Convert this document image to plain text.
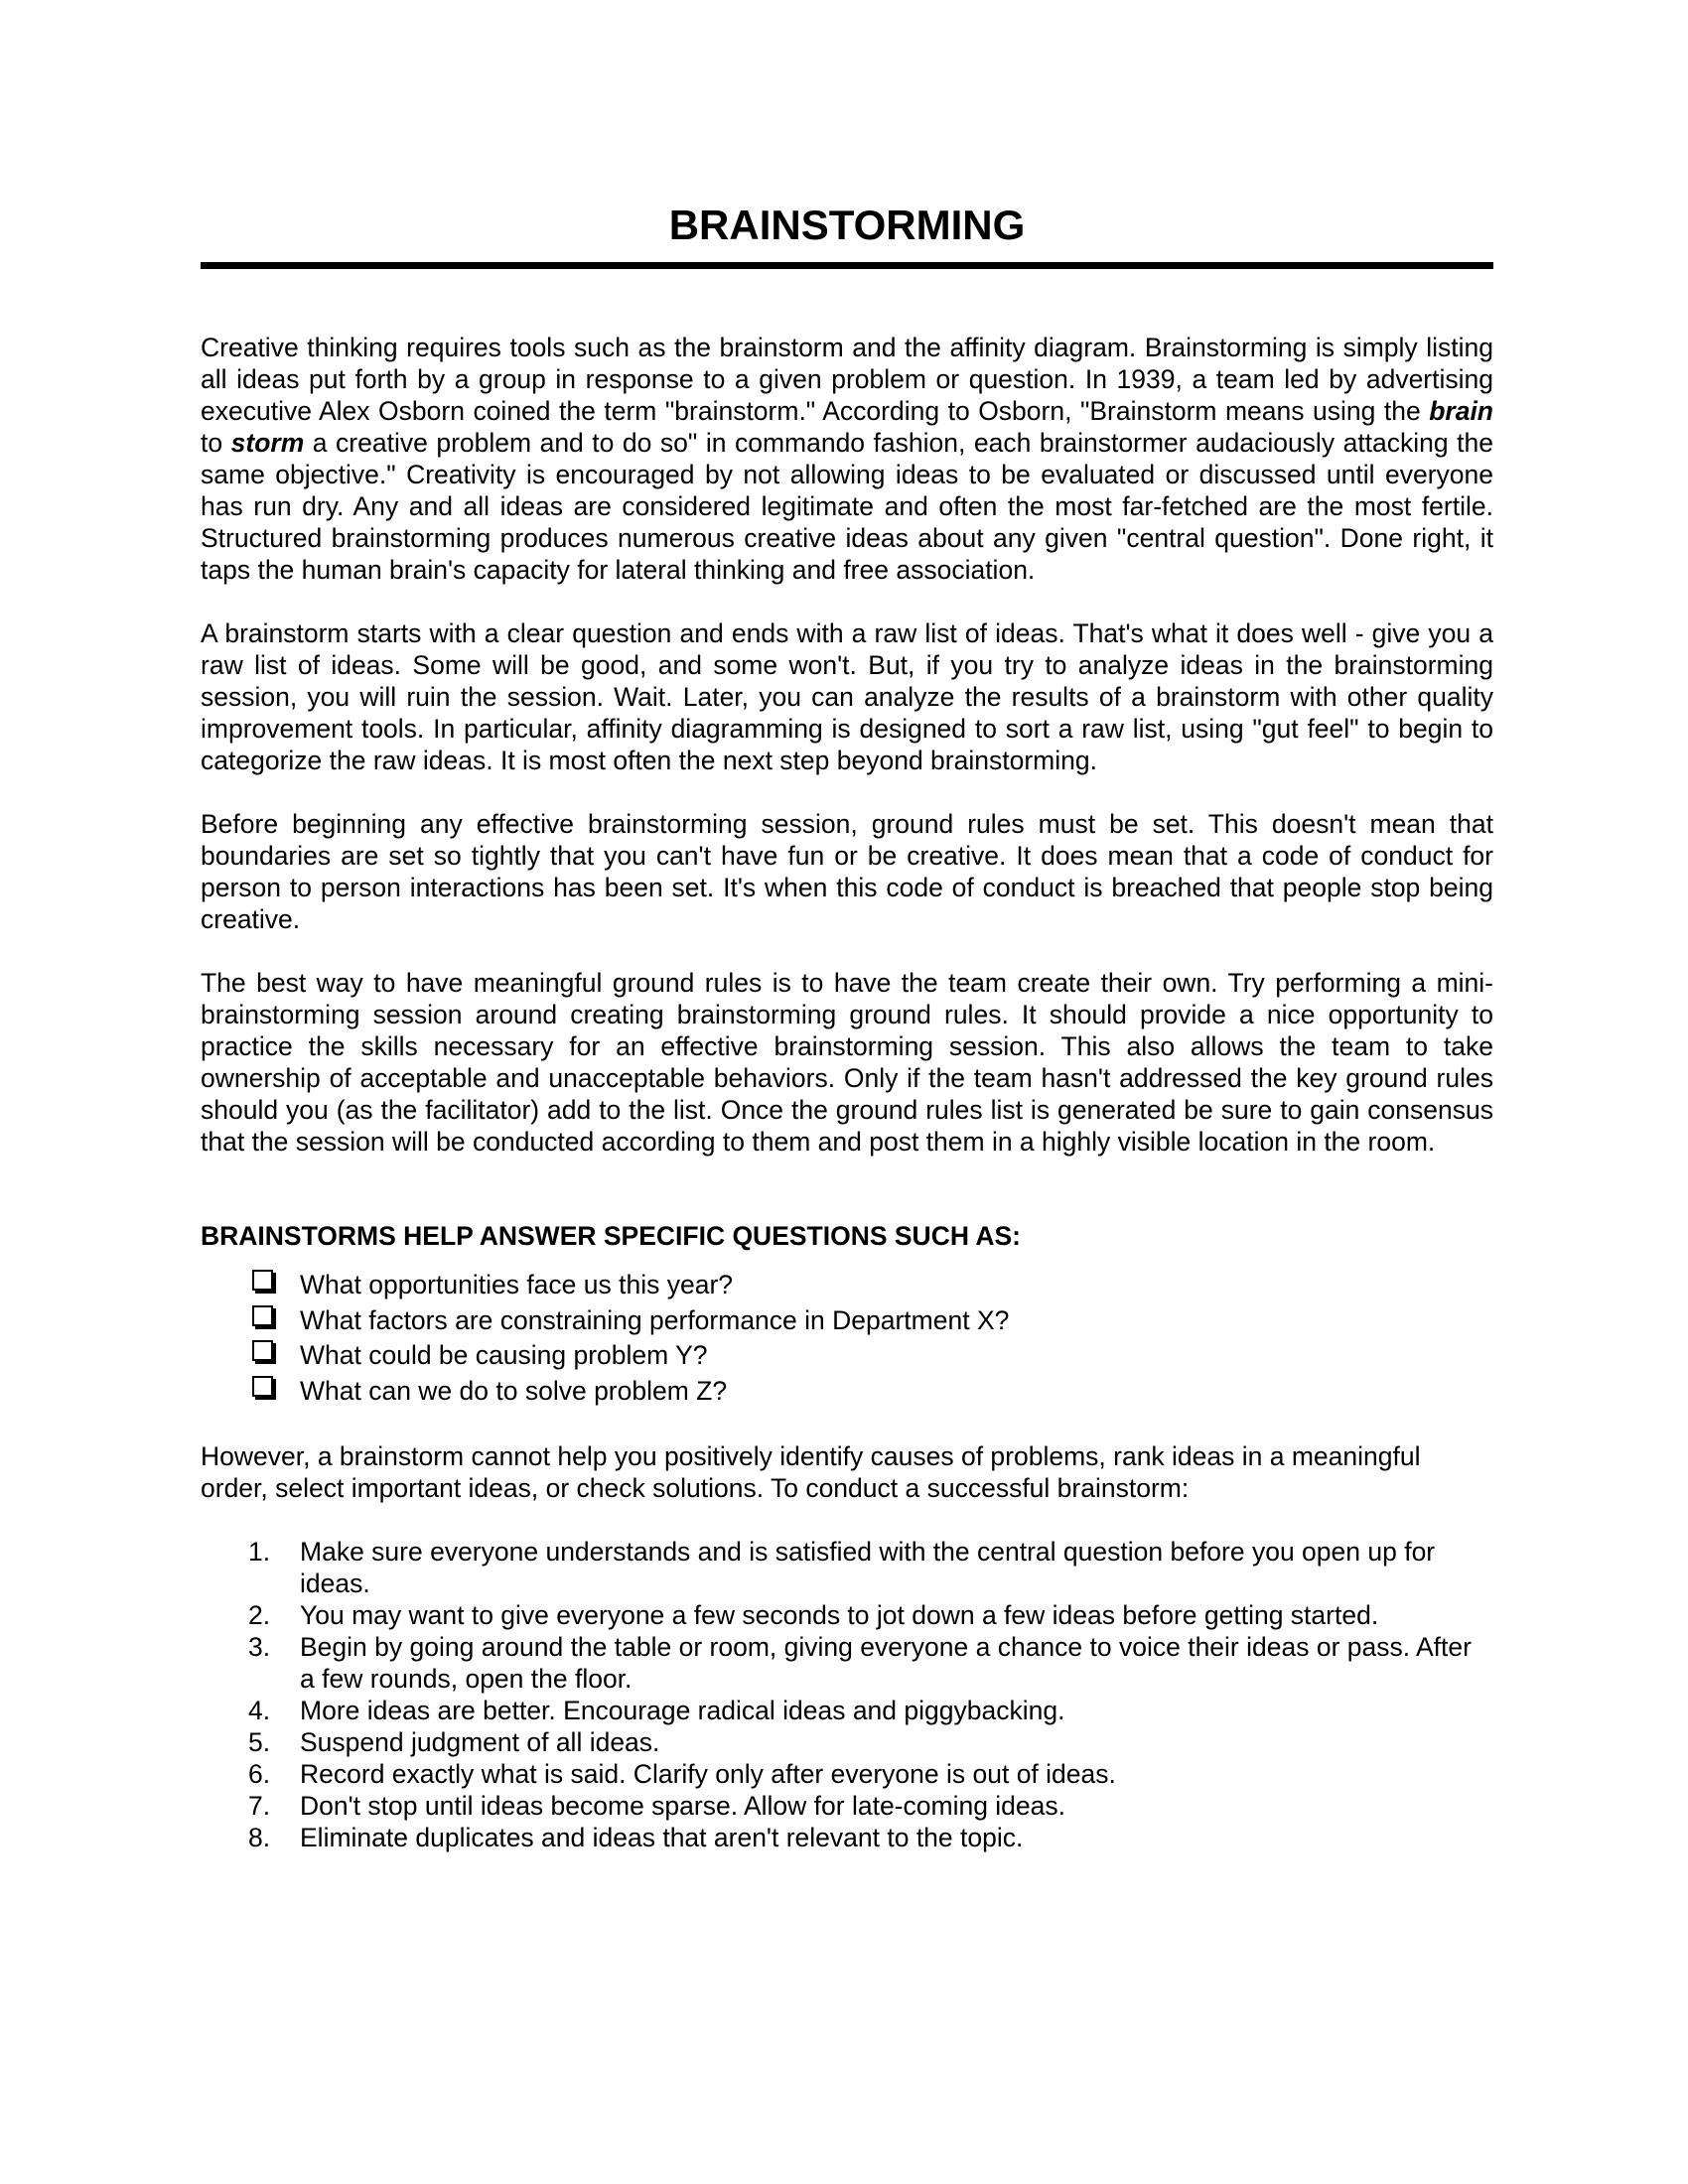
BRAINSTORMING

Creative thinking requires tools such as the brainstorm and the affinity diagram. Brainstorming is simply listing all ideas put forth by a group in response to a given problem or question. In 1939, a team led by advertising executive Alex Osborn coined the term "brainstorm." According to Osborn, "Brainstorm means using the brain to storm a creative problem and to do so" in commando fashion, each brainstormer audaciously attacking the same objective." Creativity is encouraged by not allowing ideas to be evaluated or discussed until everyone has run dry. Any and all ideas are considered legitimate and often the most far-fetched are the most fertile. Structured brainstorming produces numerous creative ideas about any given "central question". Done right, it taps the human brain's capacity for lateral thinking and free association.

A brainstorm starts with a clear question and ends with a raw list of ideas. That's what it does well - give you a raw list of ideas. Some will be good, and some won't. But, if you try to analyze ideas in the brainstorming session, you will ruin the session. Wait. Later, you can analyze the results of a brainstorm with other quality improvement tools. In particular, affinity diagramming is designed to sort a raw list, using "gut feel" to begin to categorize the raw ideas. It is most often the next step beyond brainstorming.

Before beginning any effective brainstorming session, ground rules must be set. This doesn't mean that boundaries are set so tightly that you can't have fun or be creative. It does mean that a code of conduct for person to person interactions has been set. It's when this code of conduct is breached that people stop being creative.

The best way to have meaningful ground rules is to have the team create their own. Try performing a mini-brainstorming session around creating brainstorming ground rules. It should provide a nice opportunity to practice the skills necessary for an effective brainstorming session. This also allows the team to take ownership of acceptable and unacceptable behaviors. Only if the team hasn't addressed the key ground rules should you (as the facilitator) add to the list. Once the ground rules list is generated be sure to gain consensus that the session will be conducted according to them and post them in a highly visible location in the room.

BRAINSTORMS HELP ANSWER SPECIFIC QUESTIONS SUCH AS:
What opportunities face us this year?
What factors are constraining performance in Department X?
What could be causing problem Y?
What can we do to solve problem Z?

However, a brainstorm cannot help you positively identify causes of problems, rank ideas in a meaningful order, select important ideas, or check solutions. To conduct a successful brainstorm:

1. Make sure everyone understands and is satisfied with the central question before you open up for ideas.
2. You may want to give everyone a few seconds to jot down a few ideas before getting started.
3. Begin by going around the table or room, giving everyone a chance to voice their ideas or pass. After a few rounds, open the floor.
4. More ideas are better. Encourage radical ideas and piggybacking.
5. Suspend judgment of all ideas.
6. Record exactly what is said. Clarify only after everyone is out of ideas.
7. Don't stop until ideas become sparse. Allow for late-coming ideas.
8. Eliminate duplicates and ideas that aren't relevant to the topic.
